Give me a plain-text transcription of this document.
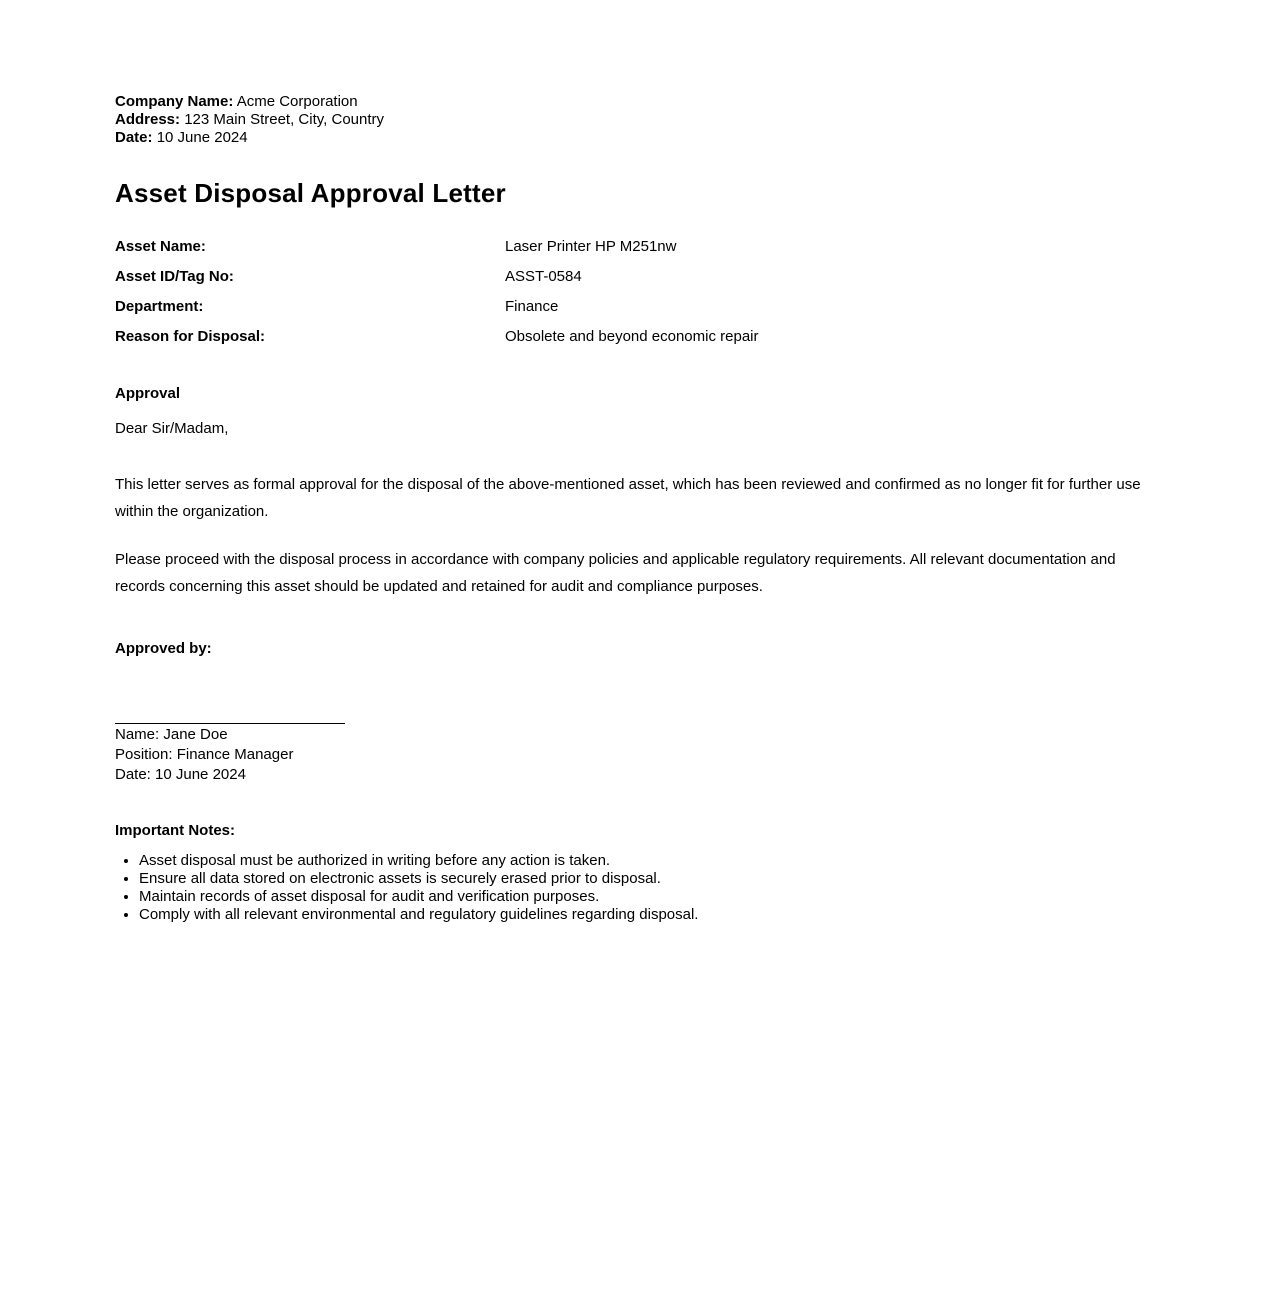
Company Name: Acme Corporation
Address: 123 Main Street, City, Country
Date: 10 June 2024
Asset Disposal Approval Letter
Asset Name:	Laser Printer HP M251nw
Asset ID/Tag No:	ASST-0584
Department:	Finance
Reason for Disposal:	Obsolete and beyond economic repair
Approval
Dear Sir/Madam,

This letter serves as formal approval for the disposal of the above-mentioned asset, which has been reviewed and confirmed as no longer fit for further use within the organization.

Please proceed with the disposal process in accordance with company policies and applicable regulatory requirements. All relevant documentation and records concerning this asset should be updated and retained for audit and compliance purposes.

Approved by:
Name: Jane Doe
Position: Finance Manager
Date: 10 June 2024
Important Notes:
• Asset disposal must be authorized in writing before any action is taken.
• Ensure all data stored on electronic assets is securely erased prior to disposal.
• Maintain records of asset disposal for audit and verification purposes.
• Comply with all relevant environmental and regulatory guidelines regarding disposal.
